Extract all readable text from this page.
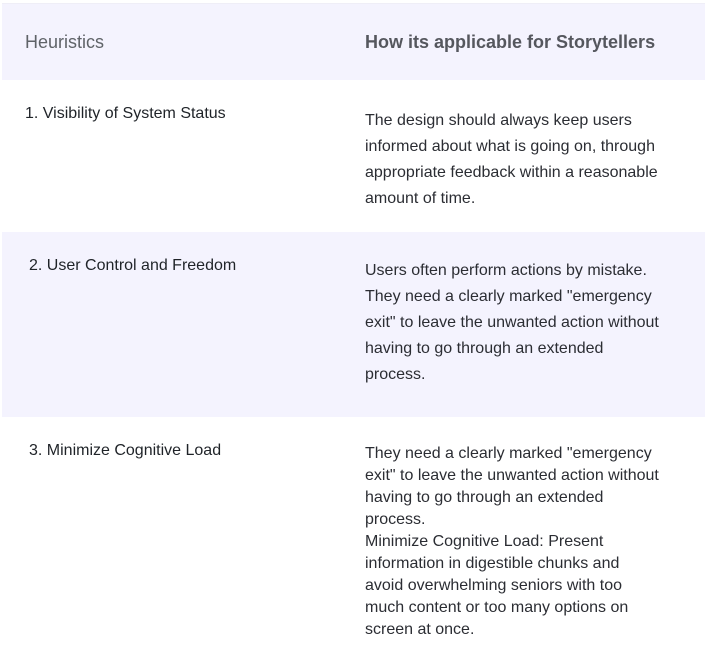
Heuristics	How its applicable for Storytellers
1. Visibility of System Status	The design should always keep users
informed about what is going on, through
appropriate feedback within a reasonable
amount of time.
2. User Control and Freedom	Users often perform actions by mistake.
They need a clearly marked "emergency
exit" to leave the unwanted action without
having to go through an extended
process.
3. Minimize Cognitive Load	They need a clearly marked "emergency
exit" to leave the unwanted action without
having to go through an extended
process.
Minimize Cognitive Load: Present
information in digestible chunks and
avoid overwhelming seniors with too
much content or too many options on
screen at once.
